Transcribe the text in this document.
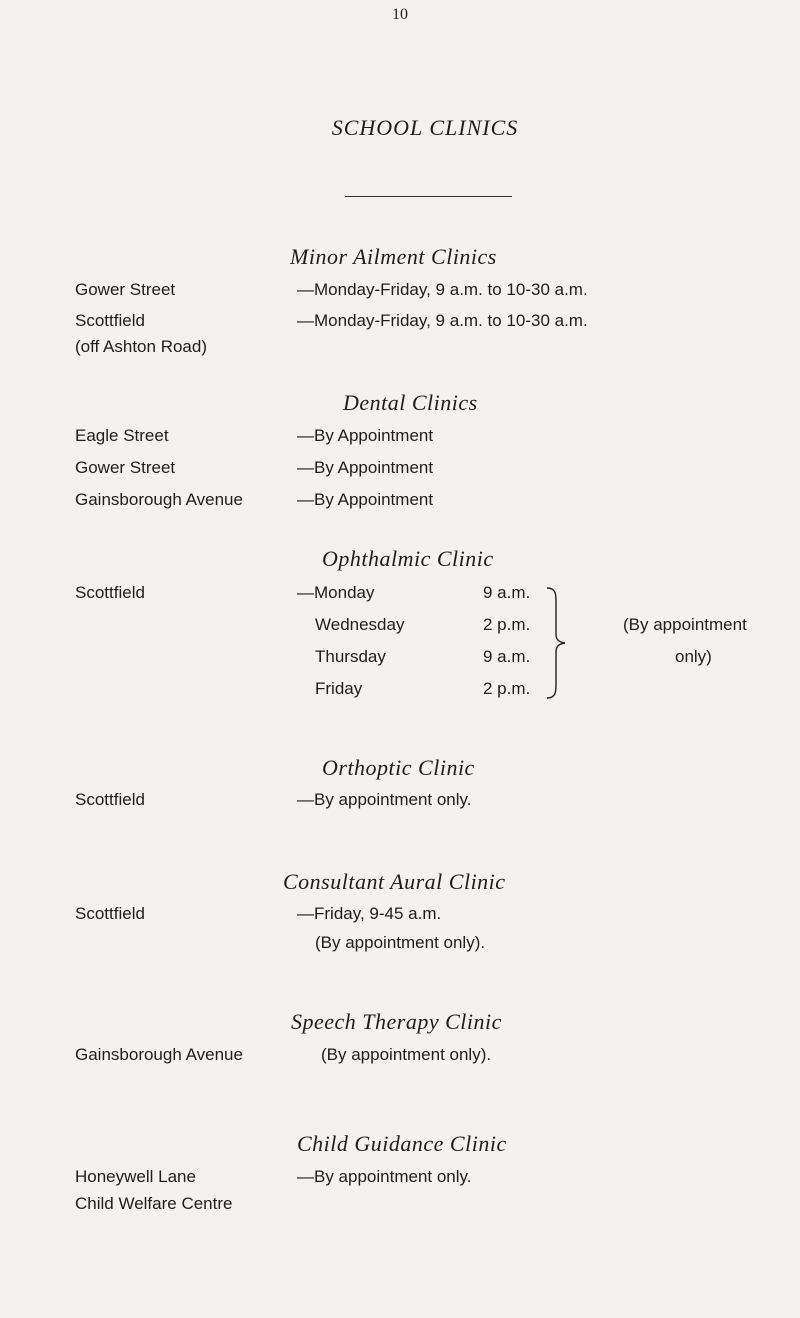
10
SCHOOL CLINICS
Minor Ailment Clinics
Gower Street	—Monday-Friday, 9 a.m. to 10-30 a.m.
Scottfield	—Monday-Friday, 9 a.m. to 10-30 a.m.
(off Ashton Road)
Dental Clinics
Eagle Street	—By Appointment
Gower Street	—By Appointment
Gainsborough Avenue	—By Appointment
Ophthalmic Clinic
Scottfield	—Monday	9 a.m.
Wednesday	2 p.m.
Thursday	9 a.m.
Friday	2 p.m.
(By appointment
only)
Orthoptic Clinic
Scottfield	—By appointment only.
Consultant Aural Clinic
Scottfield	—Friday, 9-45 a.m.
(By appointment only).
Speech Therapy Clinic
Gainsborough Avenue	(By appointment only).
Child Guidance Clinic
Honeywell Lane	—By appointment only.
Child Welfare Centre
